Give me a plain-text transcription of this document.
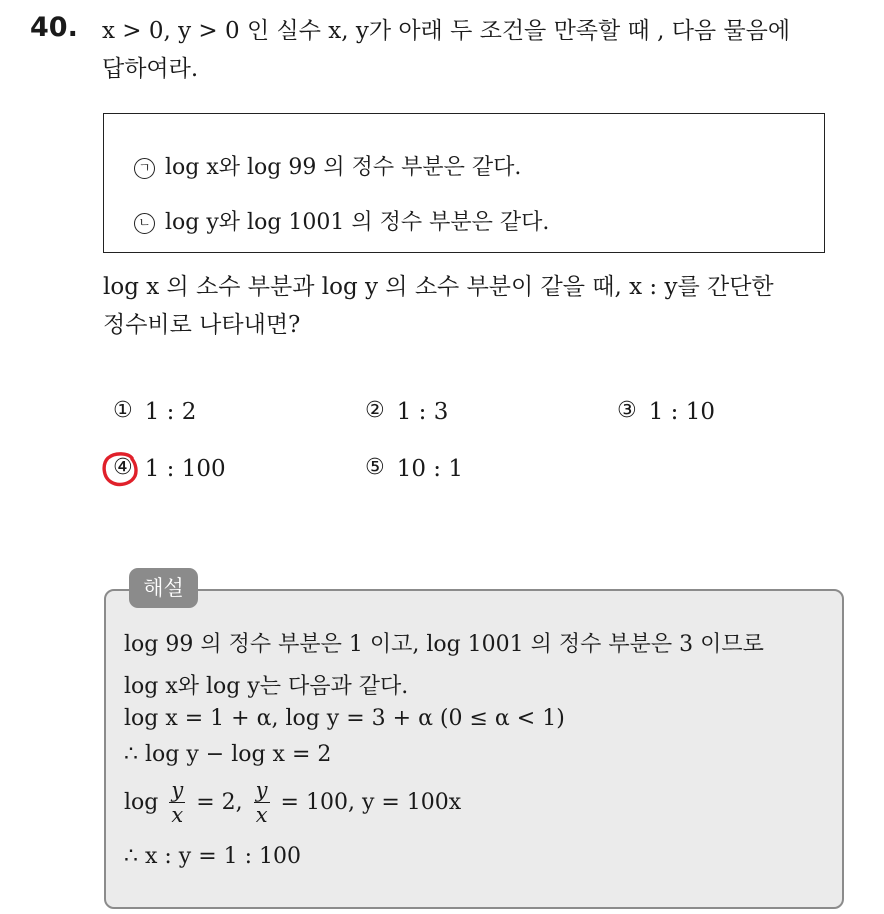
40. x > 0, y > 0 인 실수 x, y가 아래 두 조건을 만족할 때 , 다음 물음에
답하여라.
ㄱ log x와 log 99 의 정수 부분은 같다.
ㄴ log y와 log 1001 의 정수 부분은 같다.
log x 의 소수 부분과 log y 의 소수 부분이 같을 때, x : y를 간단한
정수비로 나타내면?
① 1 : 2	② 1 : 3	③ 1 : 10
④ 1 : 100	⑤ 10 : 1
해설
log 99 의 정수 부분은 1 이고, log 1001 의 정수 부분은 3 이므로
log x와 log y는 다음과 같다.
log x = 1 + α, log y = 3 + α (0 ≤ α < 1)
∴ log y − log x = 2
$\log \frac{y}{x} = 2$, $\frac{y}{x} = 100$, y = 100x
∴ x : y = 1 : 100
